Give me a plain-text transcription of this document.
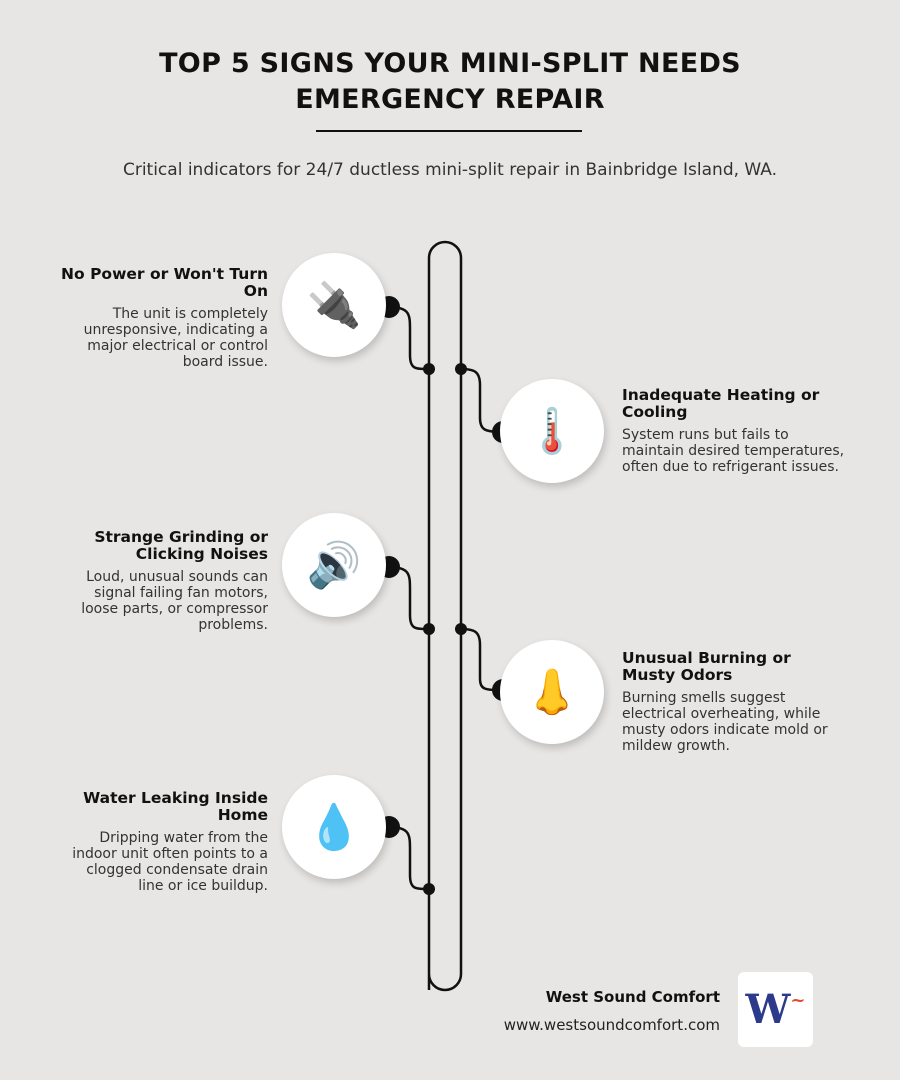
TOP 5 SIGNS YOUR MINI-SPLIT NEEDS
EMERGENCY REPAIR
Critical indicators for 24/7 ductless mini-split repair in Bainbridge Island, WA.
🔌
🌡️
🔊
👃
💧
No Power or Won't Turn On
The unit is completely unresponsive, indicating a major electrical or control board issue.
Inadequate Heating or Cooling
System runs but fails to maintain desired temperatures, often due to refrigerant issues.
Strange Grinding or Clicking Noises
Loud, unusual sounds can signal failing fan motors, loose parts, or compressor problems.
Unusual Burning or Musty Odors
Burning smells suggest electrical overheating, while musty odors indicate mold or mildew growth.
Water Leaking Inside Home
Dripping water from the indoor unit often points to a clogged condensate drain line or ice buildup.
West Sound Comfort
www.westsoundcomfort.com W ~
